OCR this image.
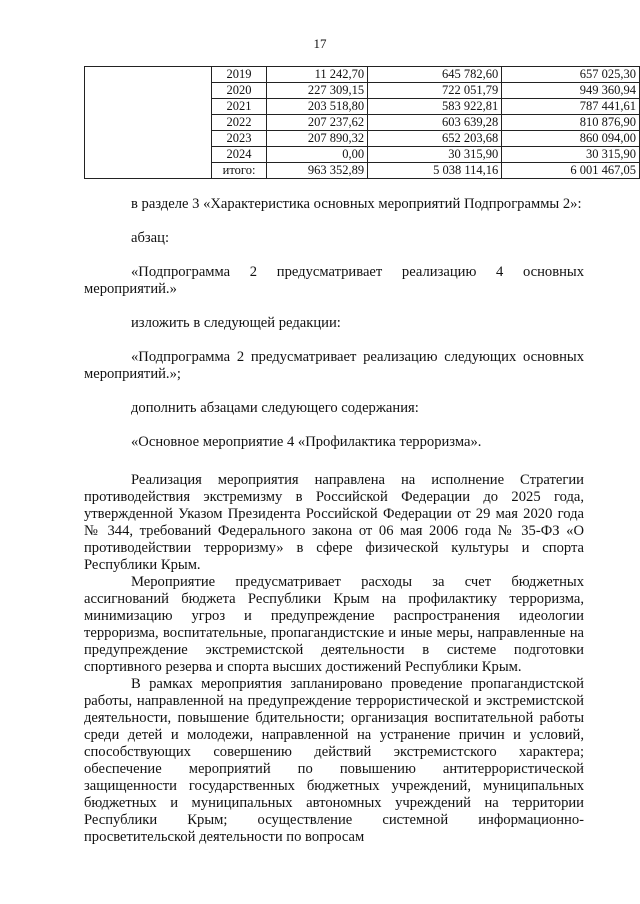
17
	2019	11 242,70	645 782,60	657 025,30
	2020	227 309,15	722 051,79	949 360,94
	2021	203 518,80	583 922,81	787 441,61
	2022	207 237,62	603 639,28	810 876,90
	2023	207 890,32	652 203,68	860 094,00
	2024	0,00	30 315,90	30 315,90
	итого:	963 352,89	5 038 114,16	6 001 467,05

в разделе 3 «Характеристика основных мероприятий Подпрограммы 2»:

абзац:

«Подпрограмма 2 предусматривает реализацию 4 основных мероприятий.»

изложить в следующей редакции:

«Подпрограмма 2 предусматривает реализацию следующих основных мероприятий.»;

дополнить абзацами следующего содержания:

«Основное мероприятие 4 «Профилактика терроризма».

Реализация мероприятия направлена на исполнение Стратегии противодействия экстремизму в Российской Федерации до 2025 года, утвержденной Указом Президента Российской Федерации от 29 мая 2020 года № 344, требований Федерального закона от 06 мая 2006 года № 35-ФЗ «О противодействии терроризму» в сфере физической культуры и спорта Республики Крым.

Мероприятие предусматривает расходы за счет бюджетных ассигнований бюджета Республики Крым на профилактику терроризма, минимизацию угроз и предупреждение распространения идеологии терроризма, воспитательные, пропагандистские и иные меры, направленные на предупреждение экстремистской деятельности в системе подготовки спортивного резерва и спорта высших достижений Республики Крым.

В рамках мероприятия запланировано проведение пропагандистской работы, направленной на предупреждение террористической и экстремистской деятельности, повышение бдительности; организация воспитательной работы среди детей и молодежи, направленной на устранение причин и условий, способствующих совершению действий экстремистского характера; обеспечение мероприятий по повышению антитеррористической защищенности государственных бюджетных учреждений, муниципальных бюджетных и муниципальных автономных учреждений на территории Республики Крым; осуществление системной информационно-просветительской деятельности по вопросам
